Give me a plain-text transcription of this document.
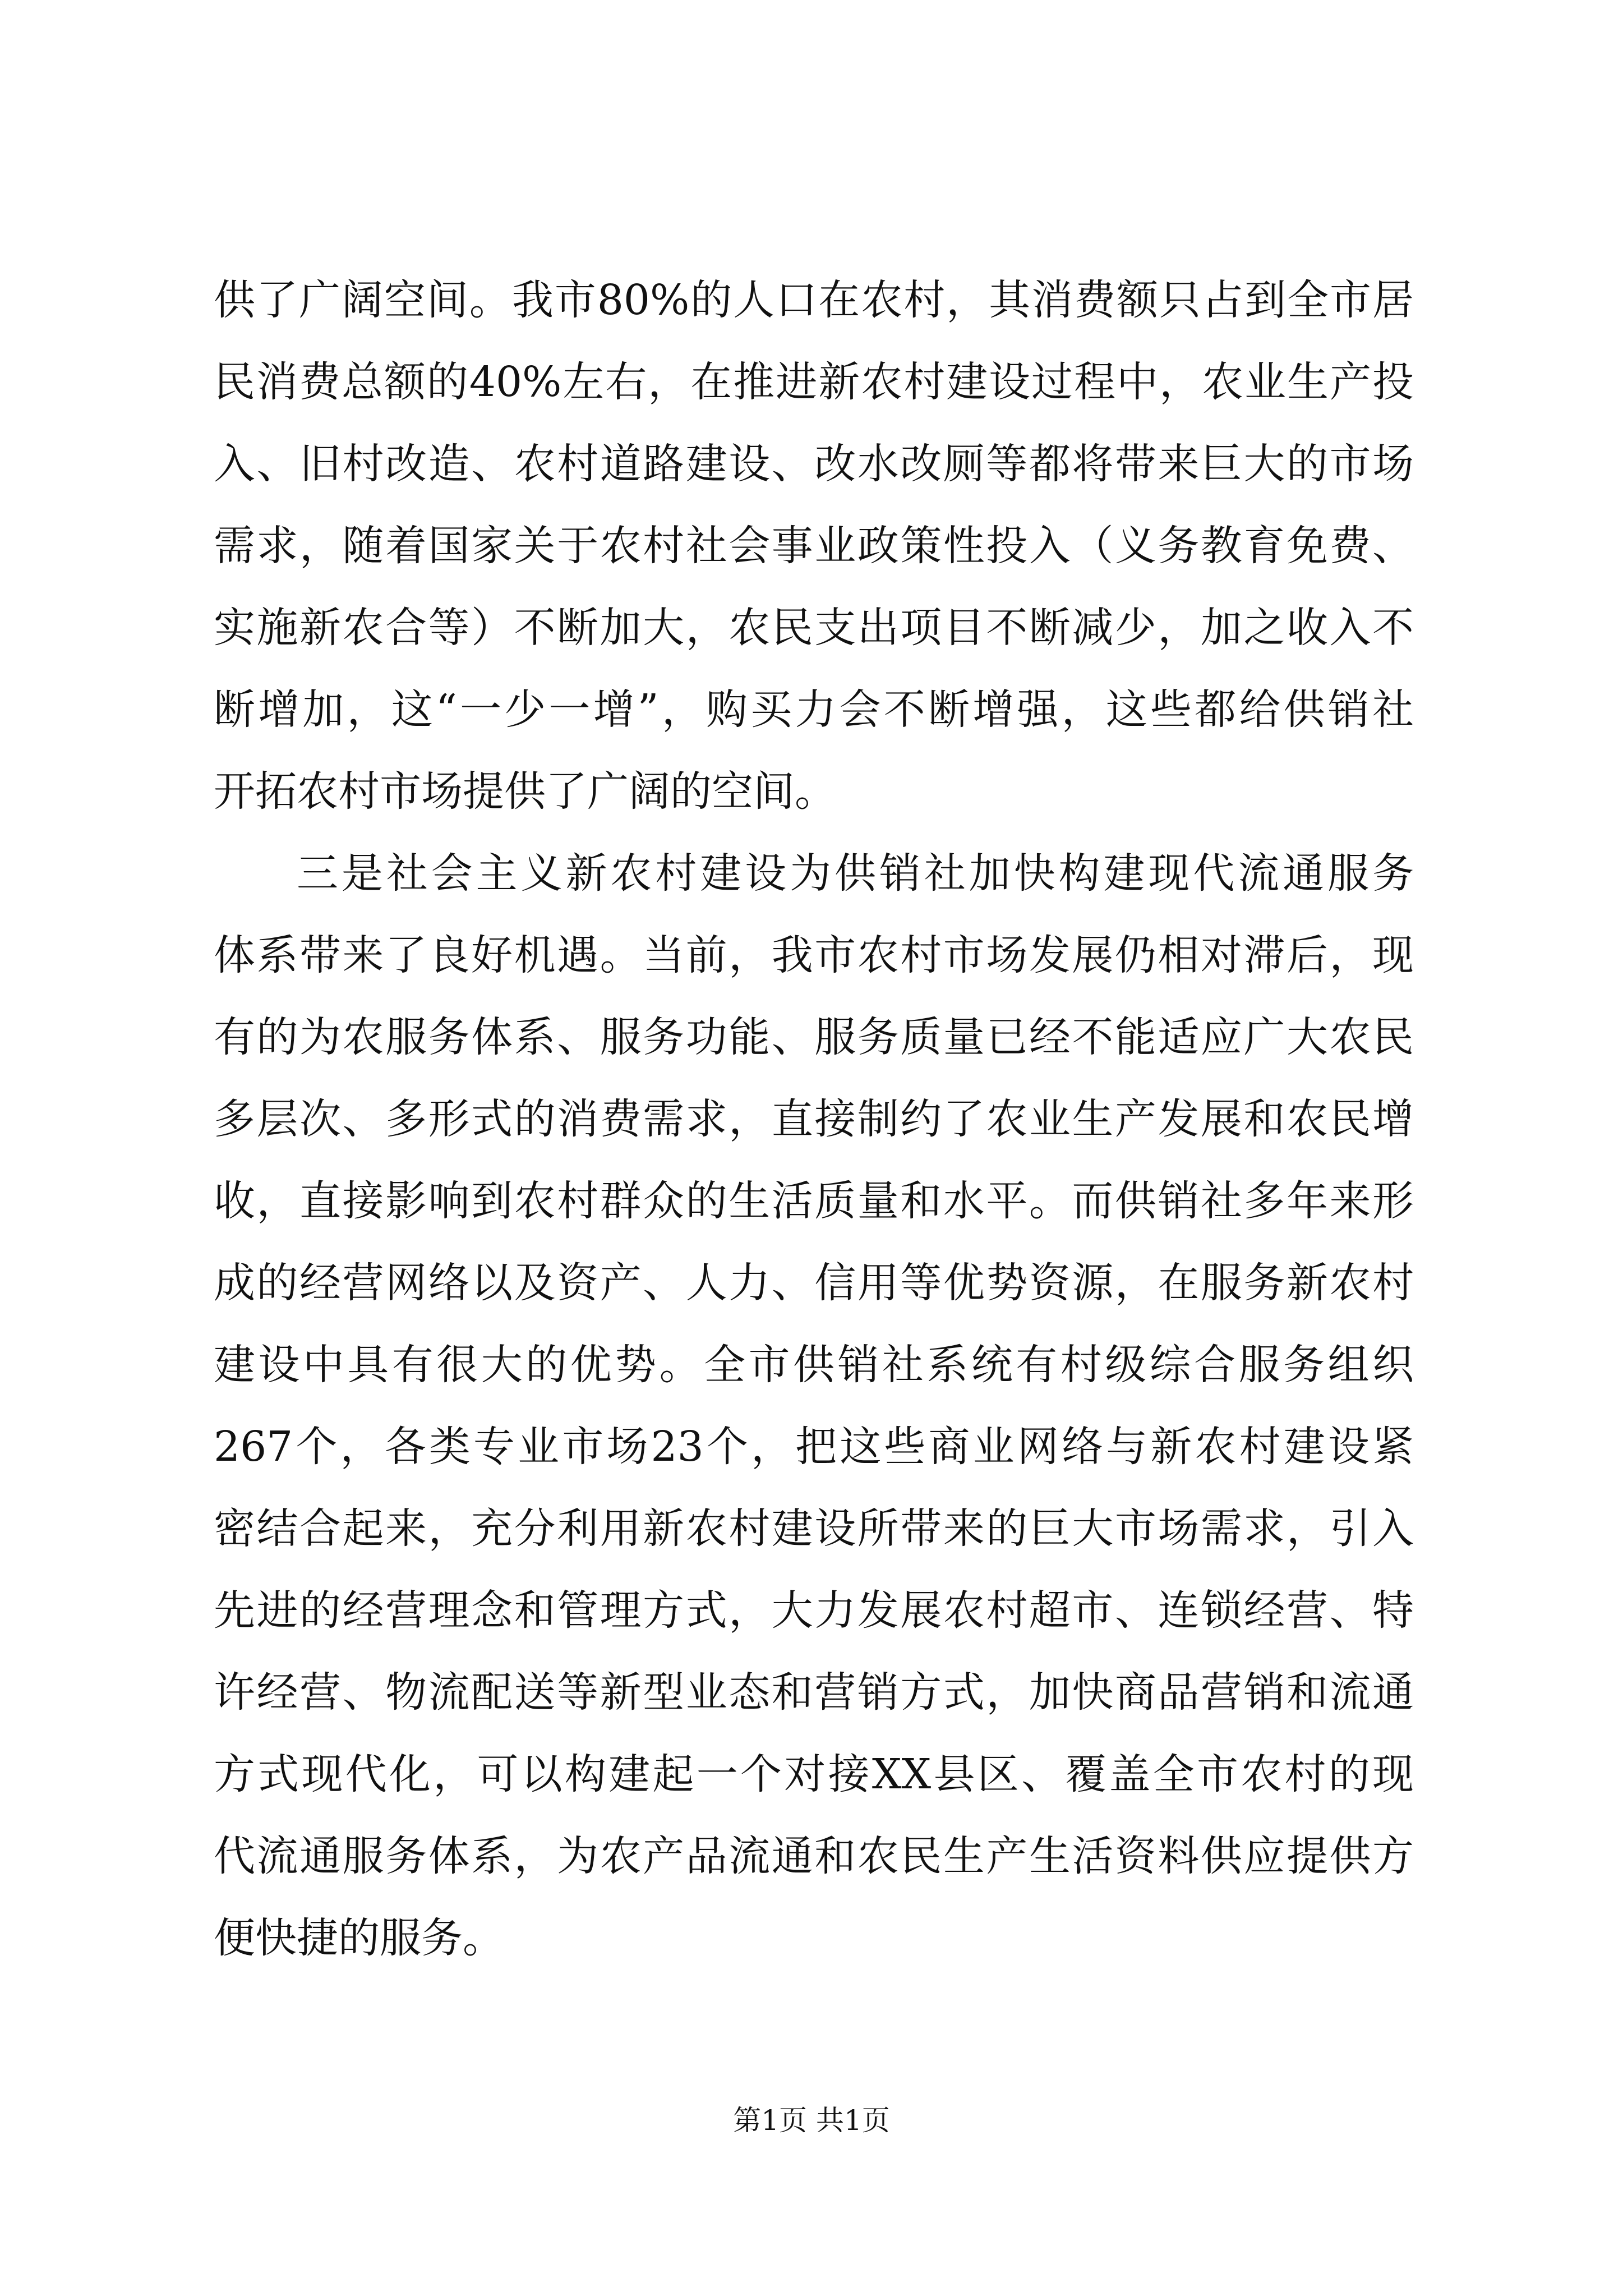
供了广阔空间。我市80%的人口在农村，其消费额只占到全市居
民消费总额的40%左右，在推进新农村建设过程中，农业生产投
入、旧村改造、农村道路建设、改水改厕等都将带来巨大的市场
需求，随着国家关于农村社会事业政策性投入（义务教育免费、
实施新农合等）不断加大，农民支出项目不断减少，加之收入不
断增加，这“一少一增”，购买力会不断增强，这些都给供销社
开拓农村市场提供了广阔的空间。
三是社会主义新农村建设为供销社加快构建现代流通服务
体系带来了良好机遇。当前，我市农村市场发展仍相对滞后，现
有的为农服务体系、服务功能、服务质量已经不能适应广大农民
多层次、多形式的消费需求，直接制约了农业生产发展和农民增
收，直接影响到农村群众的生活质量和水平。而供销社多年来形
成的经营网络以及资产、人力、信用等优势资源，在服务新农村
建设中具有很大的优势。全市供销社系统有村级综合服务组织
267个，各类专业市场23个，把这些商业网络与新农村建设紧
密结合起来，充分利用新农村建设所带来的巨大市场需求，引入
先进的经营理念和管理方式，大力发展农村超市、连锁经营、特
许经营、物流配送等新型业态和营销方式，加快商品营销和流通
方式现代化，可以构建起一个对接XX县区、覆盖全市农村的现
代流通服务体系，为农产品流通和农民生产生活资料供应提供方
便快捷的服务。
第1页 共1页
